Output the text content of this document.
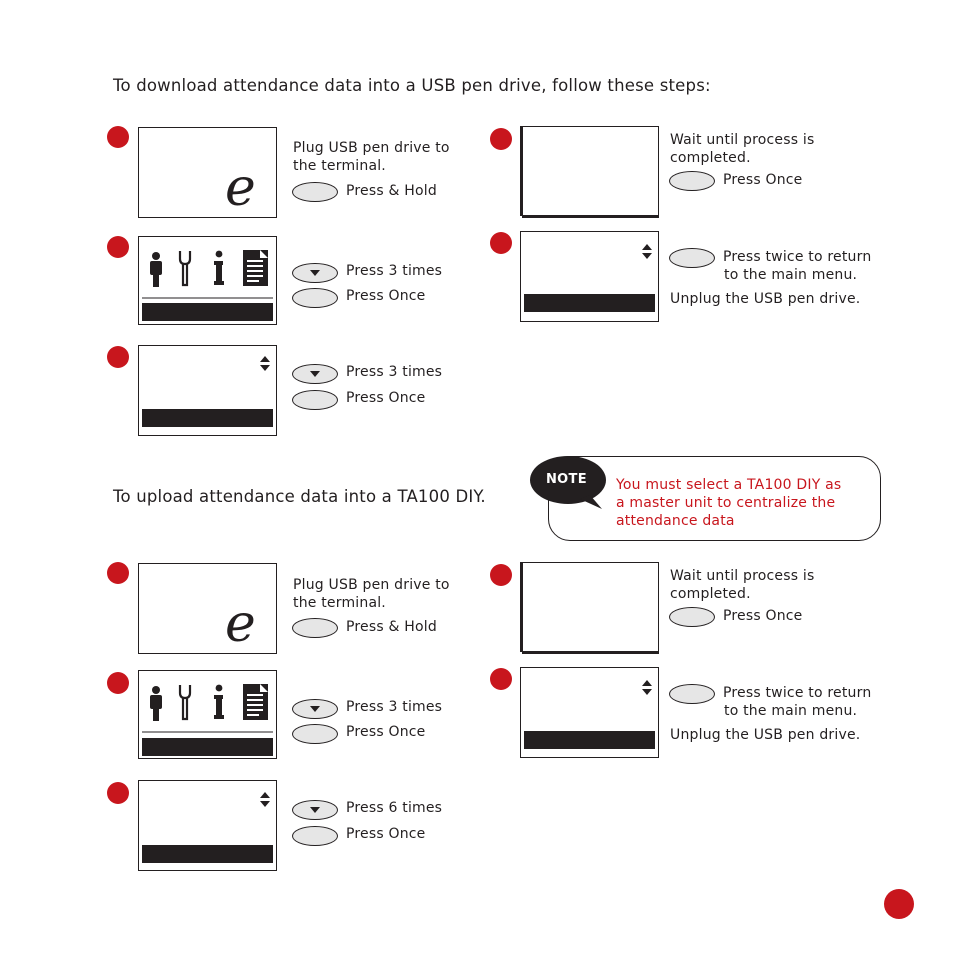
To download attendance data into a USB pen drive, follow these steps:
To upload attendance data into a TA100 DIY.
e
Plug USB pen drive to
the terminal.
Press & Hold
Press 3 times
Press Once
Press 3 times
Press Once
Wait until process is
completed.
Press Once
Press twice to return
to the main menu.
Unplug the USB pen drive.
NOTE You must select a TA100 DIY as
a master unit to centralize the
attendance data
e
Plug USB pen drive to
the terminal.
Press & Hold
Press 3 times
Press Once
Press 6 times
Press Once
Wait until process is
completed.
Press Once
Press twice to return
to the main menu.
Unplug the USB pen drive.
